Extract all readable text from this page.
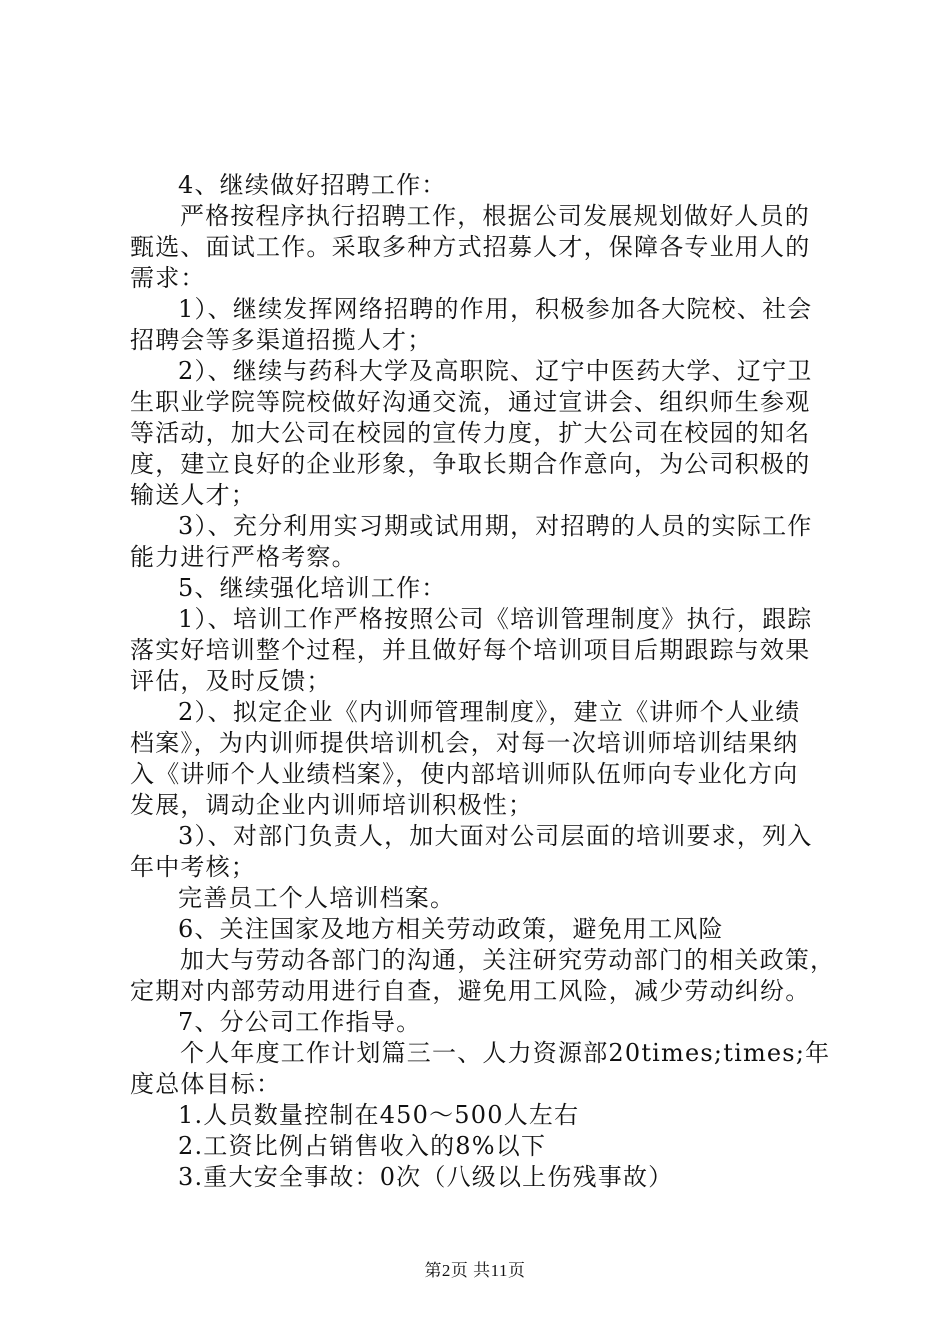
4、继续做好招聘工作：
严格按程序执行招聘工作，根据公司发展规划做好人员的
甄选、面试工作。采取多种方式招募人才，保障各专业用人的
需求：
1）、继续发挥网络招聘的作用，积极参加各大院校、社会
招聘会等多渠道招揽人才；
2）、继续与药科大学及高职院、辽宁中医药大学、辽宁卫
生职业学院等院校做好沟通交流，通过宣讲会、组织师生参观
等活动，加大公司在校园的宣传力度，扩大公司在校园的知名
度，建立良好的企业形象，争取长期合作意向，为公司积极的
输送人才；
3）、充分利用实习期或试用期，对招聘的人员的实际工作
能力进行严格考察。
5、继续强化培训工作：
1）、培训工作严格按照公司《培训管理制度》执行，跟踪
落实好培训整个过程，并且做好每个培训项目后期跟踪与效果
评估，及时反馈；
2）、拟定企业《内训师管理制度》，建立《讲师个人业绩
档案》，为内训师提供培训机会，对每一次培训师培训结果纳
入《讲师个人业绩档案》，使内部培训师队伍师向专业化方向
发展，调动企业内训师培训积极性；
3）、对部门负责人，加大面对公司层面的培训要求，列入
年中考核；
完善员工个人培训档案。
6、关注国家及地方相关劳动政策，避免用工风险
加大与劳动各部门的沟通，关注研究劳动部门的相关政策，
定期对内部劳动用进行自查，避免用工风险，减少劳动纠纷。
7、分公司工作指导。
个人年度工作计划篇三一、人力资源部20times;times;年
度总体目标：
1.人员数量控制在450～500人左右
2.工资比例占销售收入的8%以下
3.重大安全事故：0次（八级以上伤残事故）
第2页 共11页
